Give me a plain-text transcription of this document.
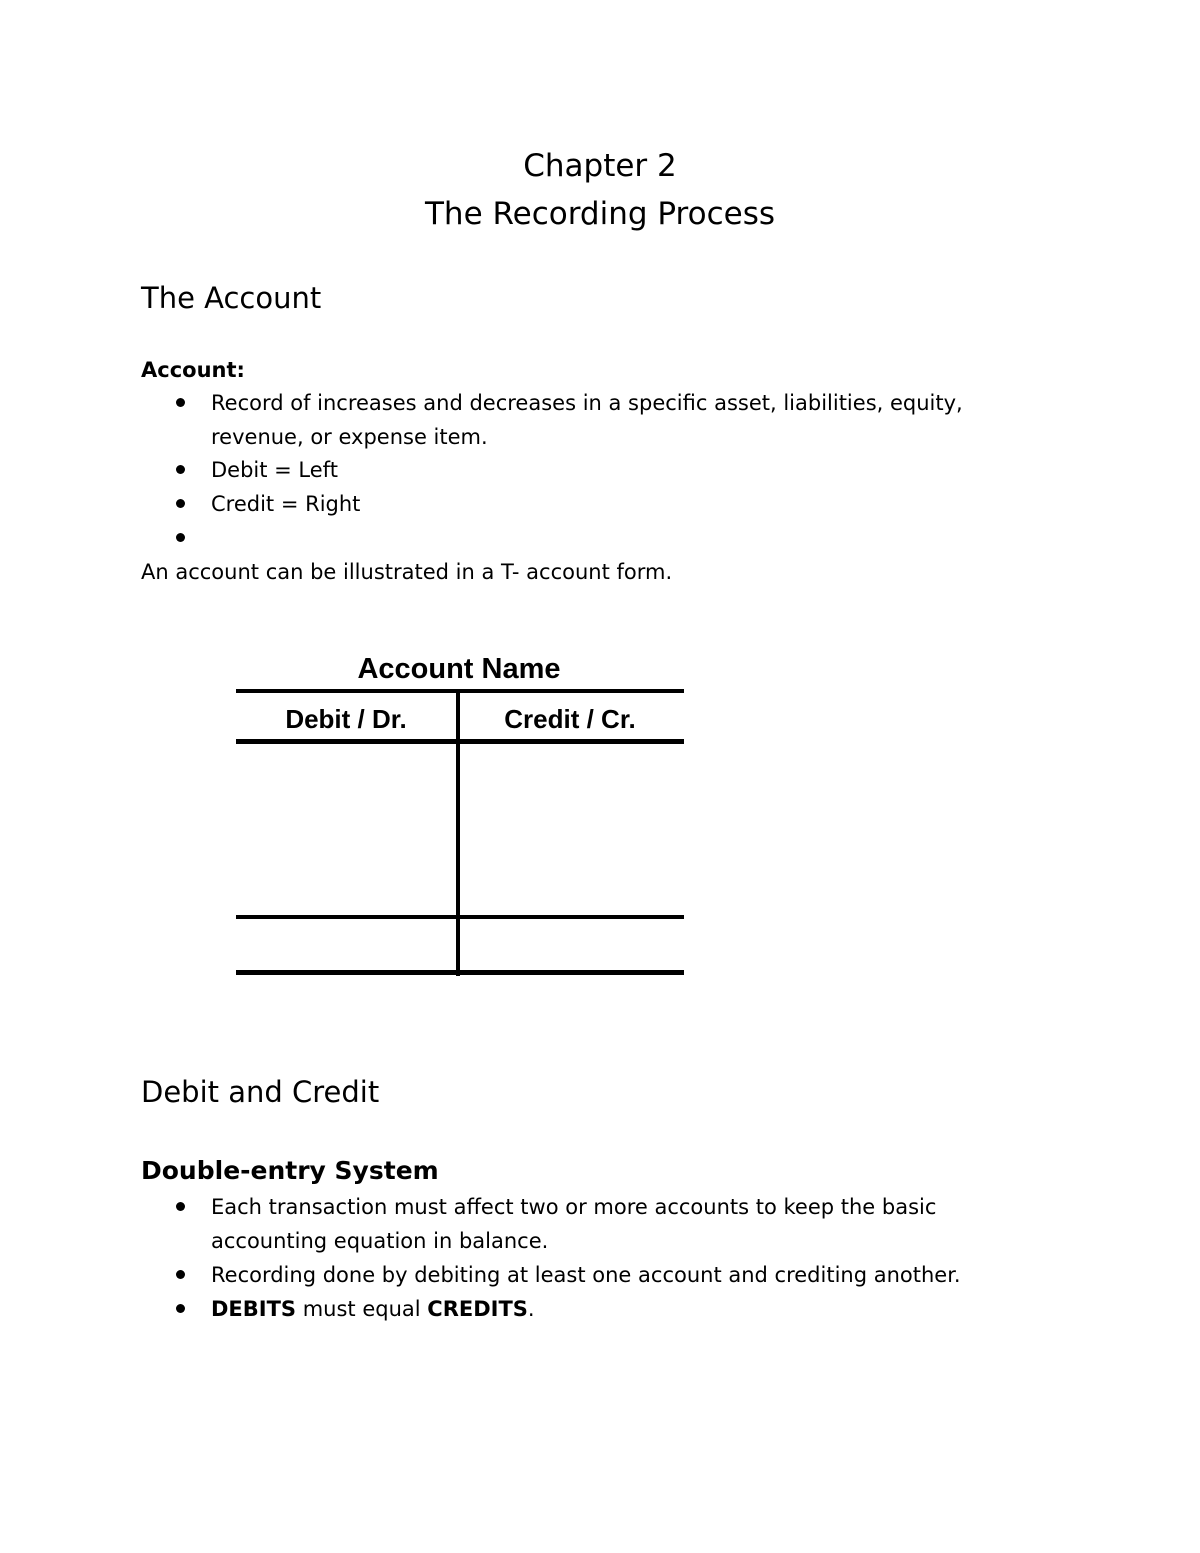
Chapter 2
The Recording Process
The Account
Account:
Record of increases and decreases in a specific asset, liabilities, equity,
revenue, or expense item.
Debit = Left
Credit = Right
An account can be illustrated in a T- account form.
Account Name
Debit / Dr.	Credit / Cr.
Debit and Credit
Double-entry System
Each transaction must affect two or more accounts to keep the basic
accounting equation in balance.
Recording done by debiting at least one account and crediting another.
DEBITS must equal CREDITS.
